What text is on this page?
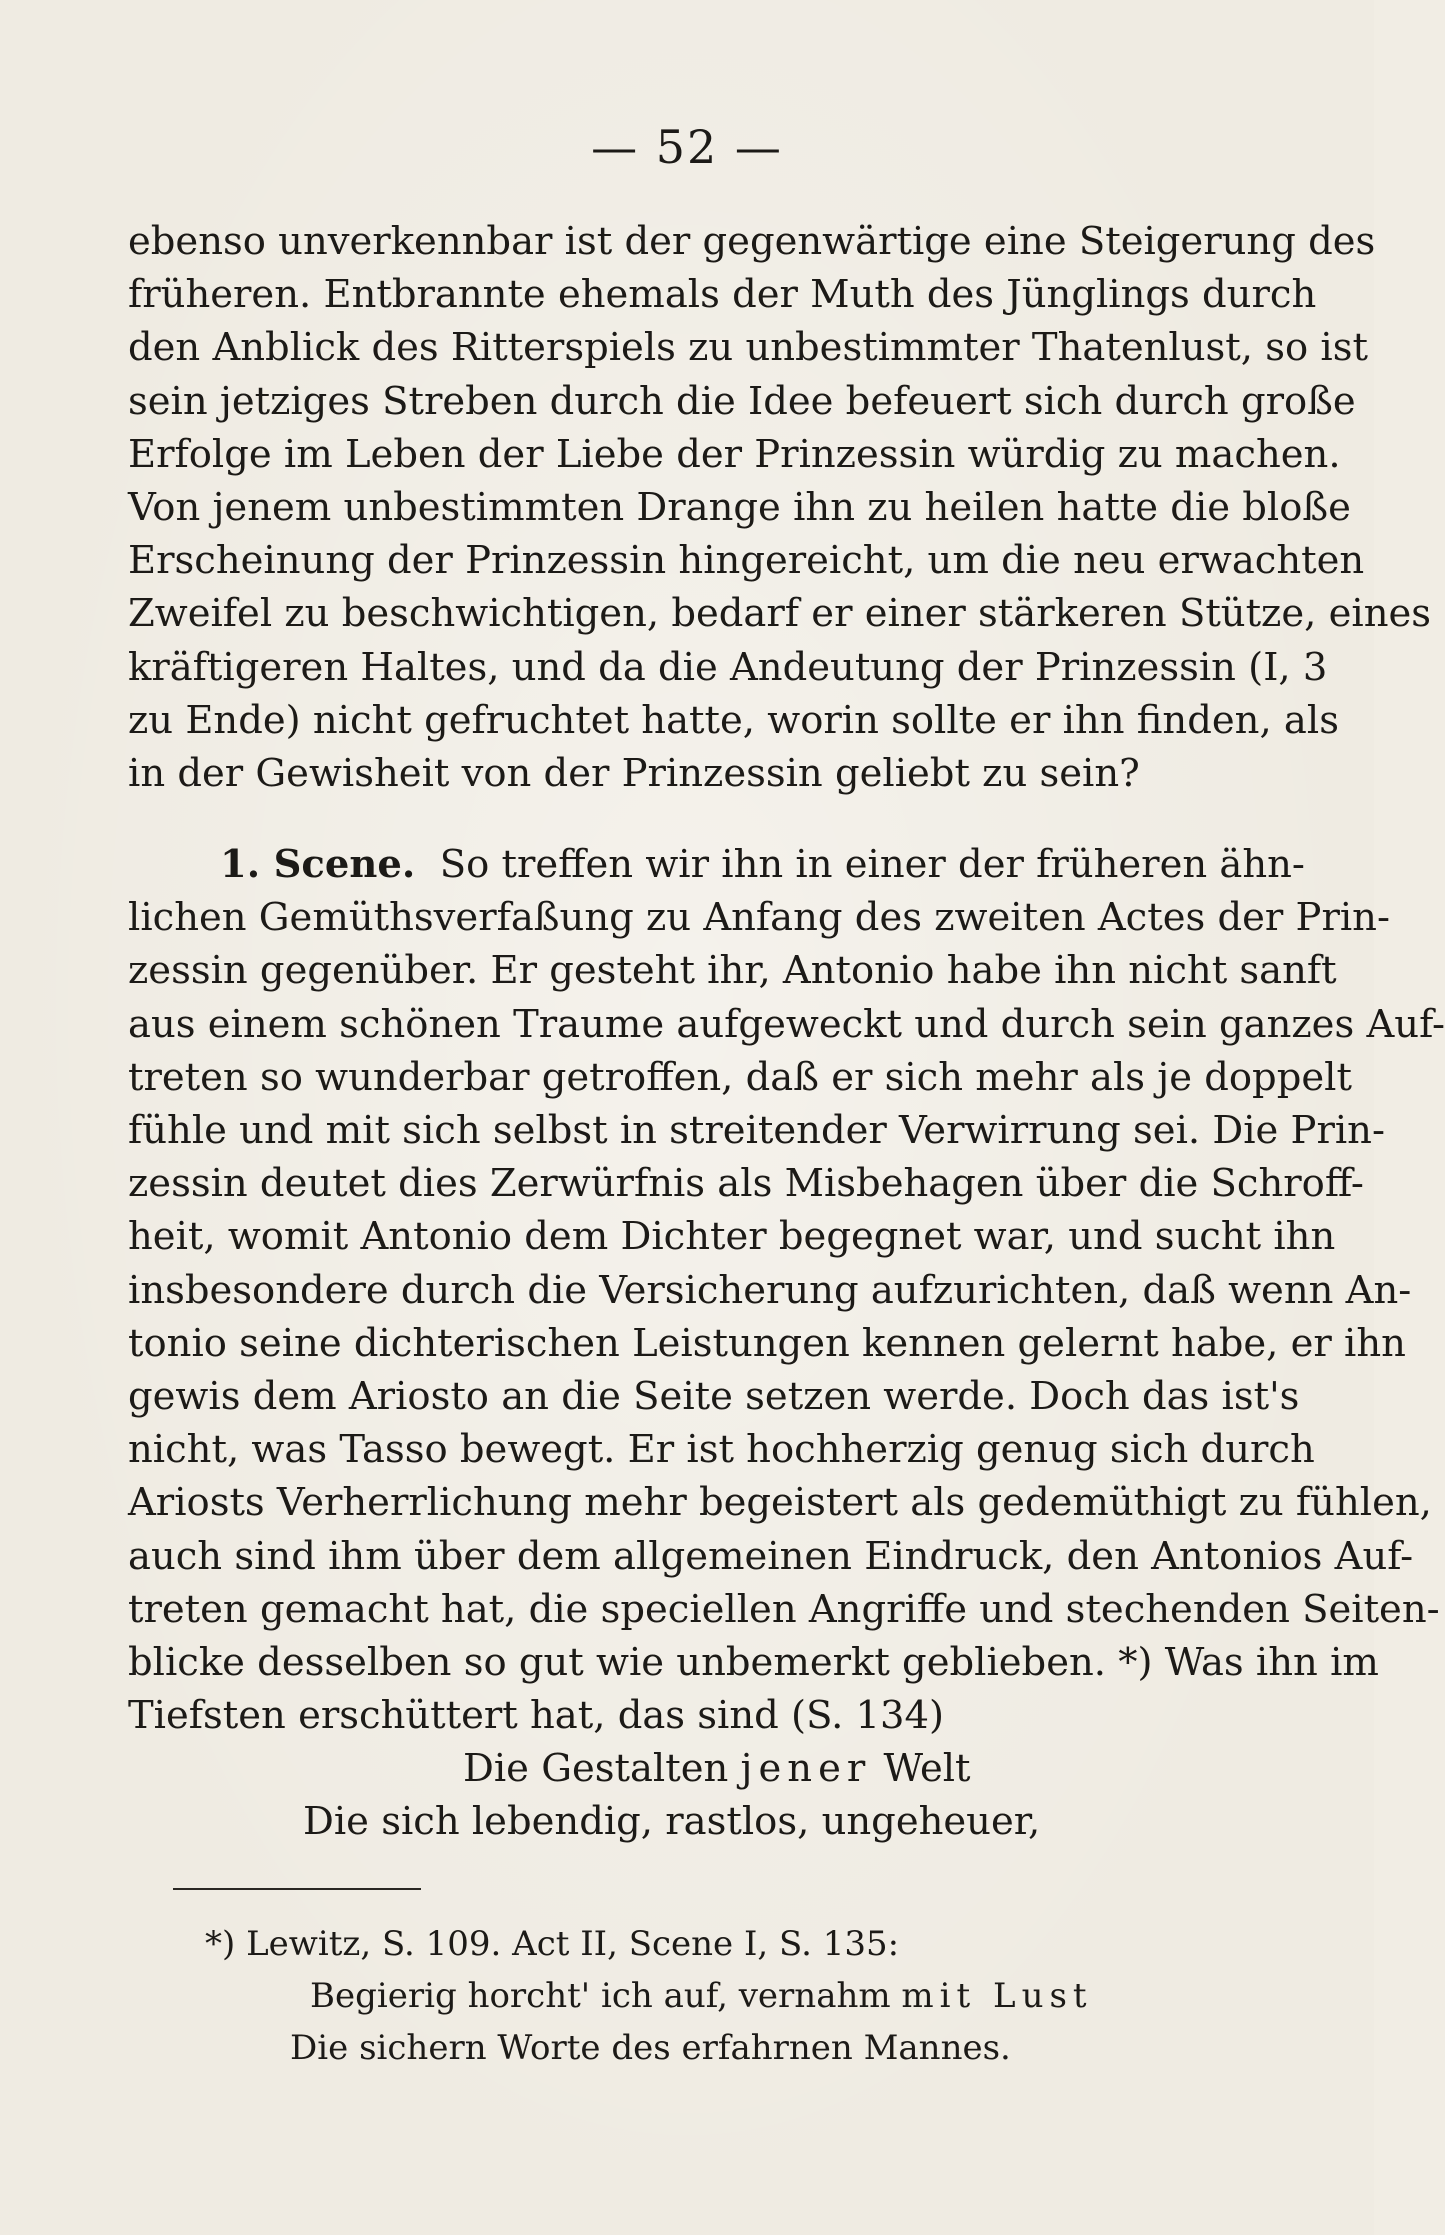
— 52 —
ebenso unverkennbar ist der gegenwärtige eine Steigerung des
früheren. Entbrannte ehemals der Muth des Jünglings durch
den Anblick des Ritterspiels zu unbestimmter Thatenlust, so ist
sein jetziges Streben durch die Idee befeuert sich durch große
Erfolge im Leben der Liebe der Prinzessin würdig zu machen.
Von jenem unbestimmten Drange ihn zu heilen hatte die bloße
Erscheinung der Prinzessin hingereicht, um die neu erwachten
Zweifel zu beschwichtigen, bedarf er einer stärkeren Stütze, eines
kräftigeren Haltes, und da die Andeutung der Prinzessin (I, 3
zu Ende) nicht gefruchtet hatte, worin sollte er ihn finden, als
in der Gewisheit von der Prinzessin geliebt zu sein?
1. Scene. So treffen wir ihn in einer der früheren ähn-
lichen Gemüthsverfaßung zu Anfang des zweiten Actes der Prin-
zessin gegenüber. Er gesteht ihr, Antonio habe ihn nicht sanft
aus einem schönen Traume aufgeweckt und durch sein ganzes Auf-
treten so wunderbar getroffen, daß er sich mehr als je doppelt
fühle und mit sich selbst in streitender Verwirrung sei. Die Prin-
zessin deutet dies Zerwürfnis als Misbehagen über die Schroff-
heit, womit Antonio dem Dichter begegnet war, und sucht ihn
insbesondere durch die Versicherung aufzurichten, daß wenn An-
tonio seine dichterischen Leistungen kennen gelernt habe, er ihn
gewis dem Ariosto an die Seite setzen werde. Doch das ist's
nicht, was Tasso bewegt. Er ist hochherzig genug sich durch
Ariosts Verherrlichung mehr begeistert als gedemüthigt zu fühlen,
auch sind ihm über dem allgemeinen Eindruck, den Antonios Auf-
treten gemacht hat, die speciellen Angriffe und stechenden Seiten-
blicke desselben so gut wie unbemerkt geblieben. *) Was ihn im
Tiefsten erschüttert hat, das sind (S. 134)
Die Gestalten jener Welt
Die sich lebendig, rastlos, ungeheuer,
*) Lewitz, S. 109. Act II, Scene I, S. 135:
Begierig horcht' ich auf, vernahm mit Lust
Die sichern Worte des erfahrnen Mannes.
